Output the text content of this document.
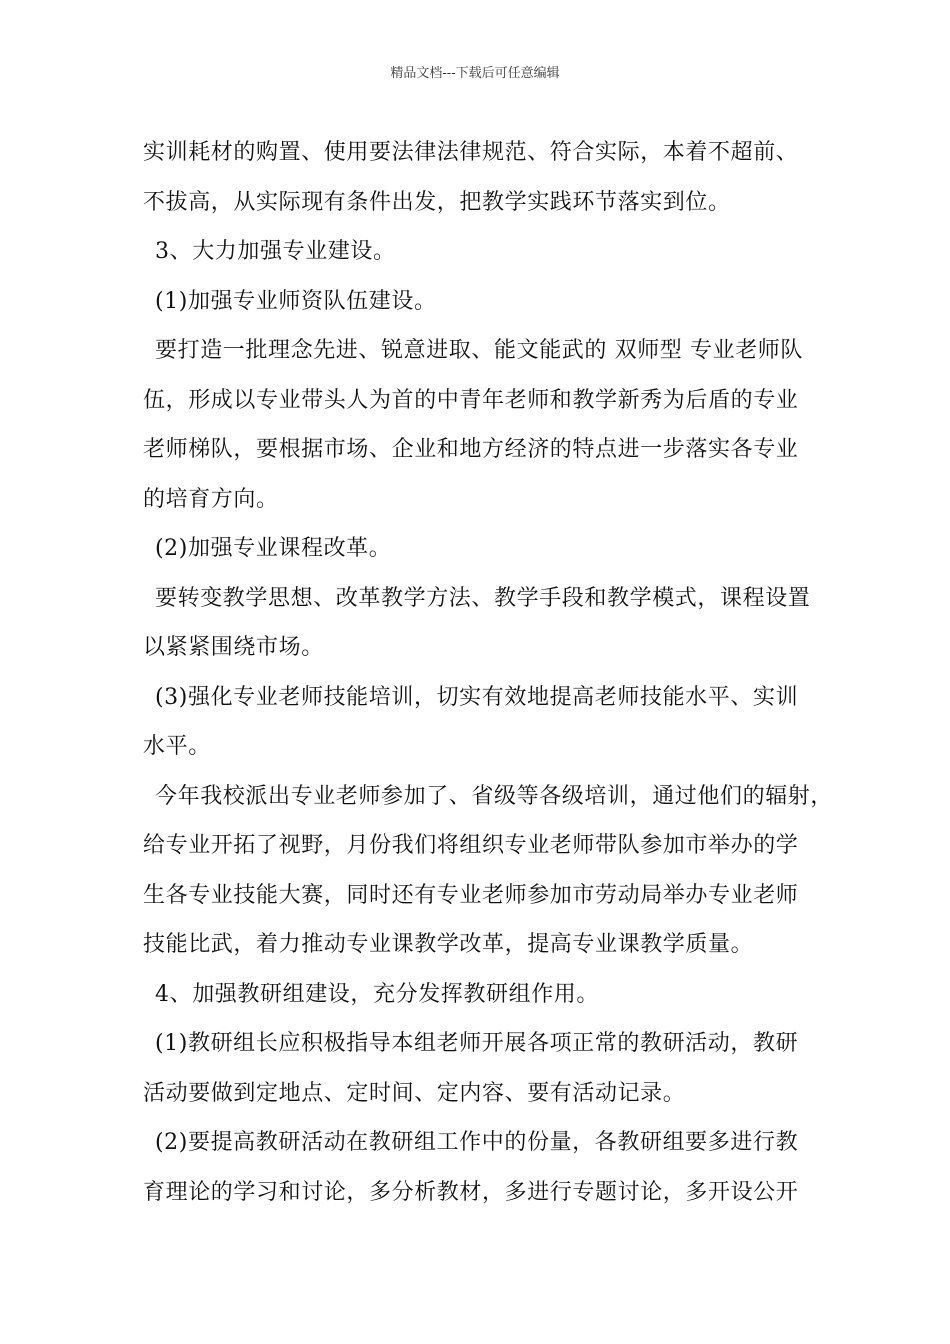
精品文档---下载后可任意编辑
实训耗材的购置、使用要法律法律规范、符合实际，本着不超前、
不拔高，从实际现有条件出发，把教学实践环节落实到位。
3、大力加强专业建设。
(1)加强专业师资队伍建设。
要打造一批理念先进、锐意进取、能文能武的 双师型 专业老师队
伍，形成以专业带头人为首的中青年老师和教学新秀为后盾的专业
老师梯队，要根据市场、企业和地方经济的特点进一步落实各专业
的培育方向。
(2)加强专业课程改革。
要转变教学思想、改革教学方法、教学手段和教学模式，课程设置
以紧紧围绕市场。
(3)强化专业老师技能培训，切实有效地提高老师技能水平、实训
水平。
今年我校派出专业老师参加了、省级等各级培训，通过他们的辐射，
给专业开拓了视野，月份我们将组织专业老师带队参加市举办的学
生各专业技能大赛，同时还有专业老师参加市劳动局举办专业老师
技能比武，着力推动专业课教学改革，提高专业课教学质量。
4、加强教研组建设，充分发挥教研组作用。
(1)教研组长应积极指导本组老师开展各项正常的教研活动，教研
活动要做到定地点、定时间、定内容、要有活动记录。
(2)要提高教研活动在教研组工作中的份量，各教研组要多进行教
育理论的学习和讨论，多分析教材，多进行专题讨论，多开设公开
